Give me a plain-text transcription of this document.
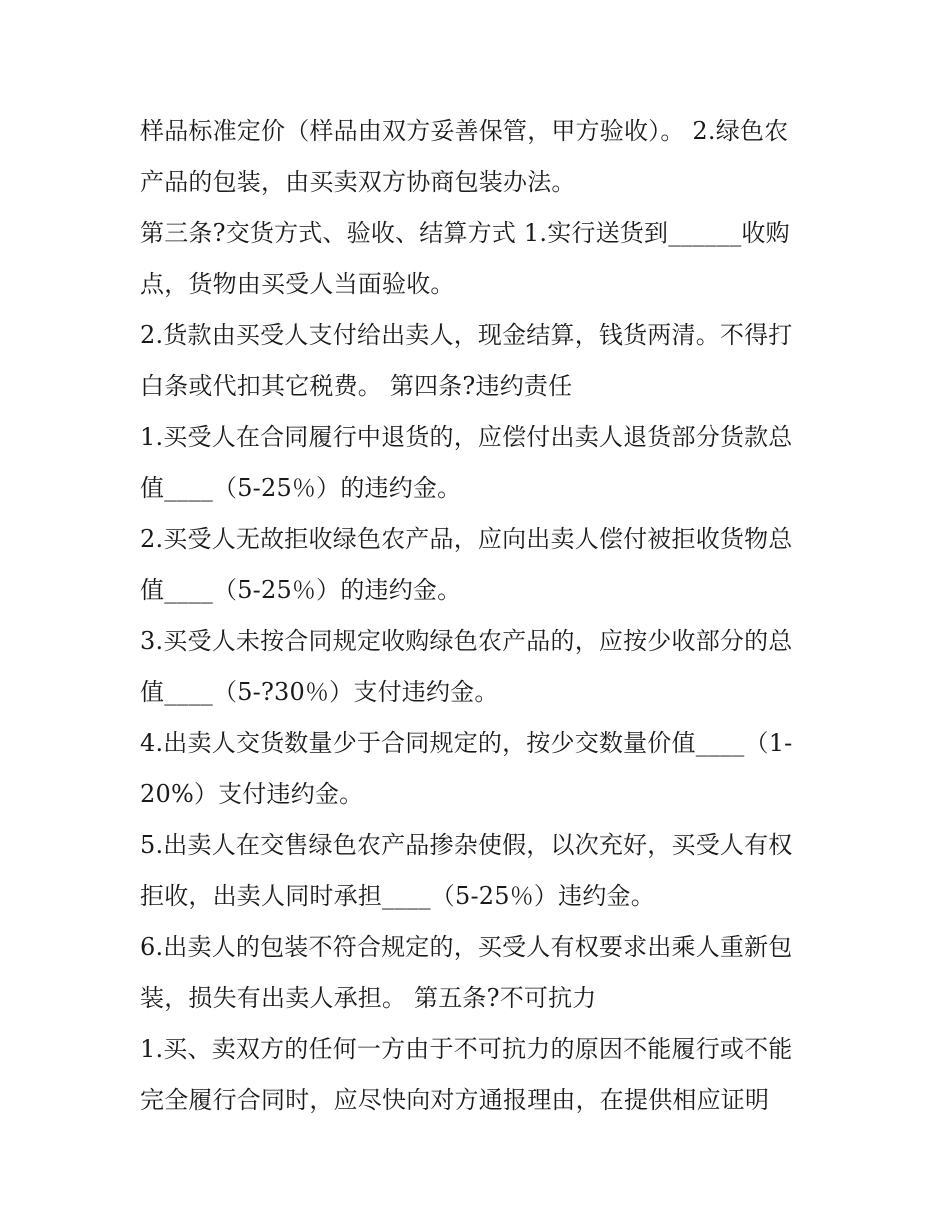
样品标准定价（样品由双方妥善保管，甲方验收）。 2.绿色农
产品的包装，由买卖双方协商包装办法。
第三条?交货方式、验收、结算方式 1.实行送货到______收购
点，货物由买受人当面验收。
2.货款由买受人支付给出卖人，现金结算，钱货两清。不得打
白条或代扣其它税费。 第四条?违约责任
1.买受人在合同履行中退货的，应偿付出卖人退货部分货款总
值____（5-25％）的违约金。
2.买受人无故拒收绿色农产品，应向出卖人偿付被拒收货物总
值____（5-25％）的违约金。
3.买受人未按合同规定收购绿色农产品的，应按少收部分的总
值____（5-?30％）支付违约金。
4.出卖人交货数量少于合同规定的，按少交数量价值____（1-
20%）支付违约金。
5.出卖人在交售绿色农产品掺杂使假，以次充好，买受人有权
拒收，出卖人同时承担____（5-25％）违约金。
6.出卖人的包装不符合规定的，买受人有权要求出乘人重新包
装，损失有出卖人承担。 第五条?不可抗力
1.买、卖双方的任何一方由于不可抗力的原因不能履行或不能
完全履行合同时，应尽快向对方通报理由，在提供相应证明
